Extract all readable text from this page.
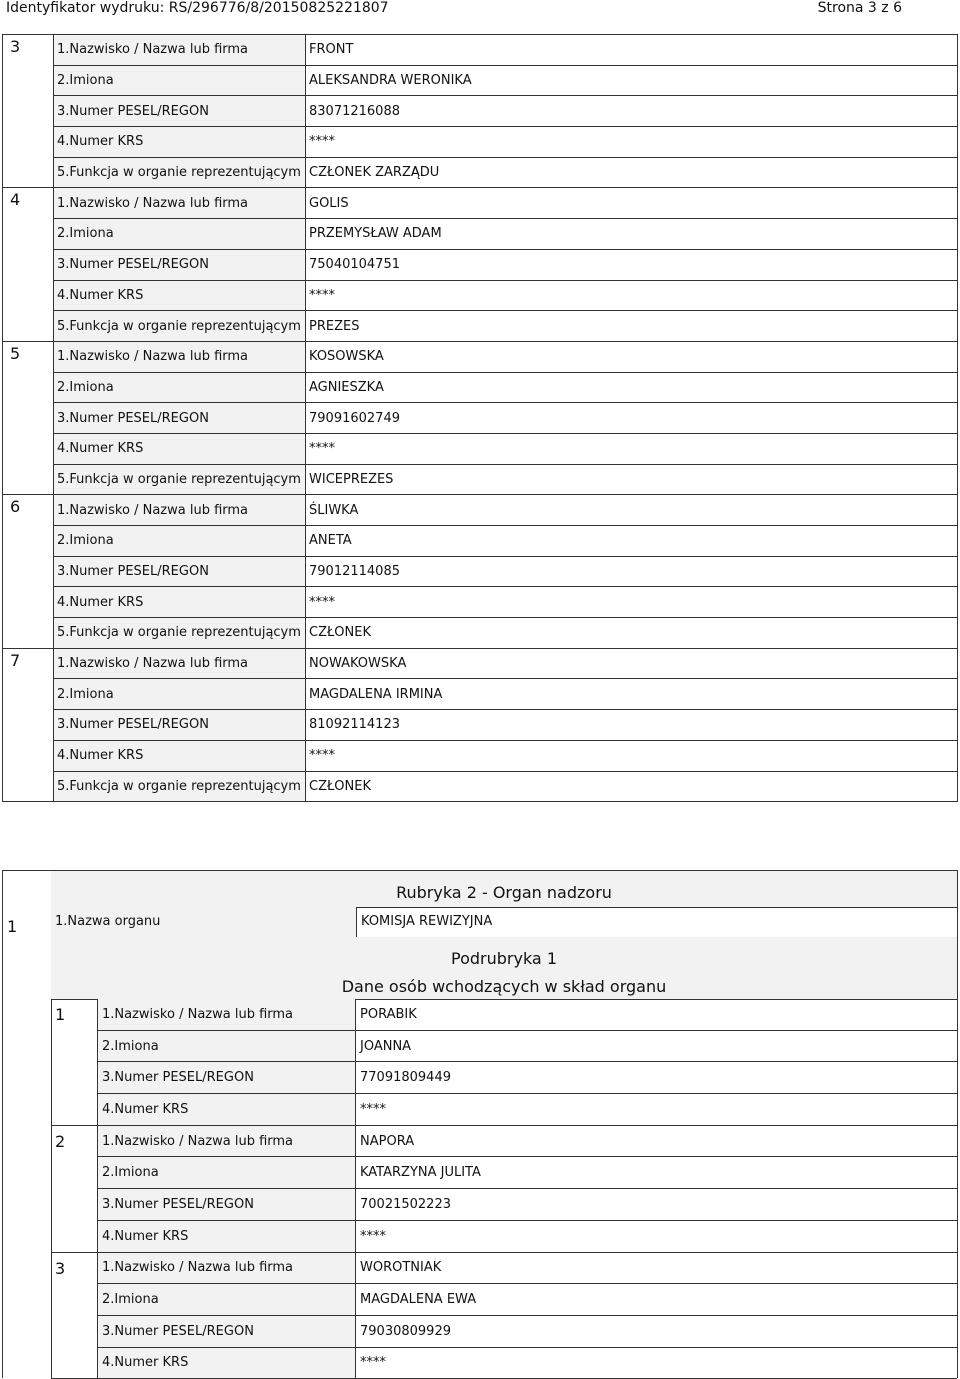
Identyfikator wydruku: RS/296776/8/20150825221807	Strona 3 z 6
3	1.Nazwisko / Nazwa lub firma	FRONT
	2.Imiona	ALEKSANDRA WERONIKA
	3.Numer PESEL/REGON	83071216088
	4.Numer KRS	****
	5.Funkcja w organie reprezentującym	CZŁONEK ZARZĄDU
4	1.Nazwisko / Nazwa lub firma	GOLIS
	2.Imiona	PRZEMYSŁAW ADAM
	3.Numer PESEL/REGON	75040104751
	4.Numer KRS	****
	5.Funkcja w organie reprezentującym	PREZES
5	1.Nazwisko / Nazwa lub firma	KOSOWSKA
	2.Imiona	AGNIESZKA
	3.Numer PESEL/REGON	79091602749
	4.Numer KRS	****
	5.Funkcja w organie reprezentującym	WICEPREZES
6	1.Nazwisko / Nazwa lub firma	ŚLIWKA
	2.Imiona	ANETA
	3.Numer PESEL/REGON	79012114085
	4.Numer KRS	****
	5.Funkcja w organie reprezentującym	CZŁONEK
7	1.Nazwisko / Nazwa lub firma	NOWAKOWSKA
	2.Imiona	MAGDALENA IRMINA
	3.Numer PESEL/REGON	81092114123
	4.Numer KRS	****
	5.Funkcja w organie reprezentującym	CZŁONEK
Rubryka 2 - Organ nadzoru
1	1.Nazwa organu	KOMISJA REWIZYJNA
Podrubryka 1
Dane osób wchodzących w skład organu
1	1.Nazwisko / Nazwa lub firma	PORABIK
	2.Imiona	JOANNA
	3.Numer PESEL/REGON	77091809449
	4.Numer KRS	****
2	1.Nazwisko / Nazwa lub firma	NAPORA
	2.Imiona	KATARZYNA JULITA
	3.Numer PESEL/REGON	70021502223
	4.Numer KRS	****
3	1.Nazwisko / Nazwa lub firma	WOROTNIAK
	2.Imiona	MAGDALENA EWA
	3.Numer PESEL/REGON	79030809929
	4.Numer KRS	****
